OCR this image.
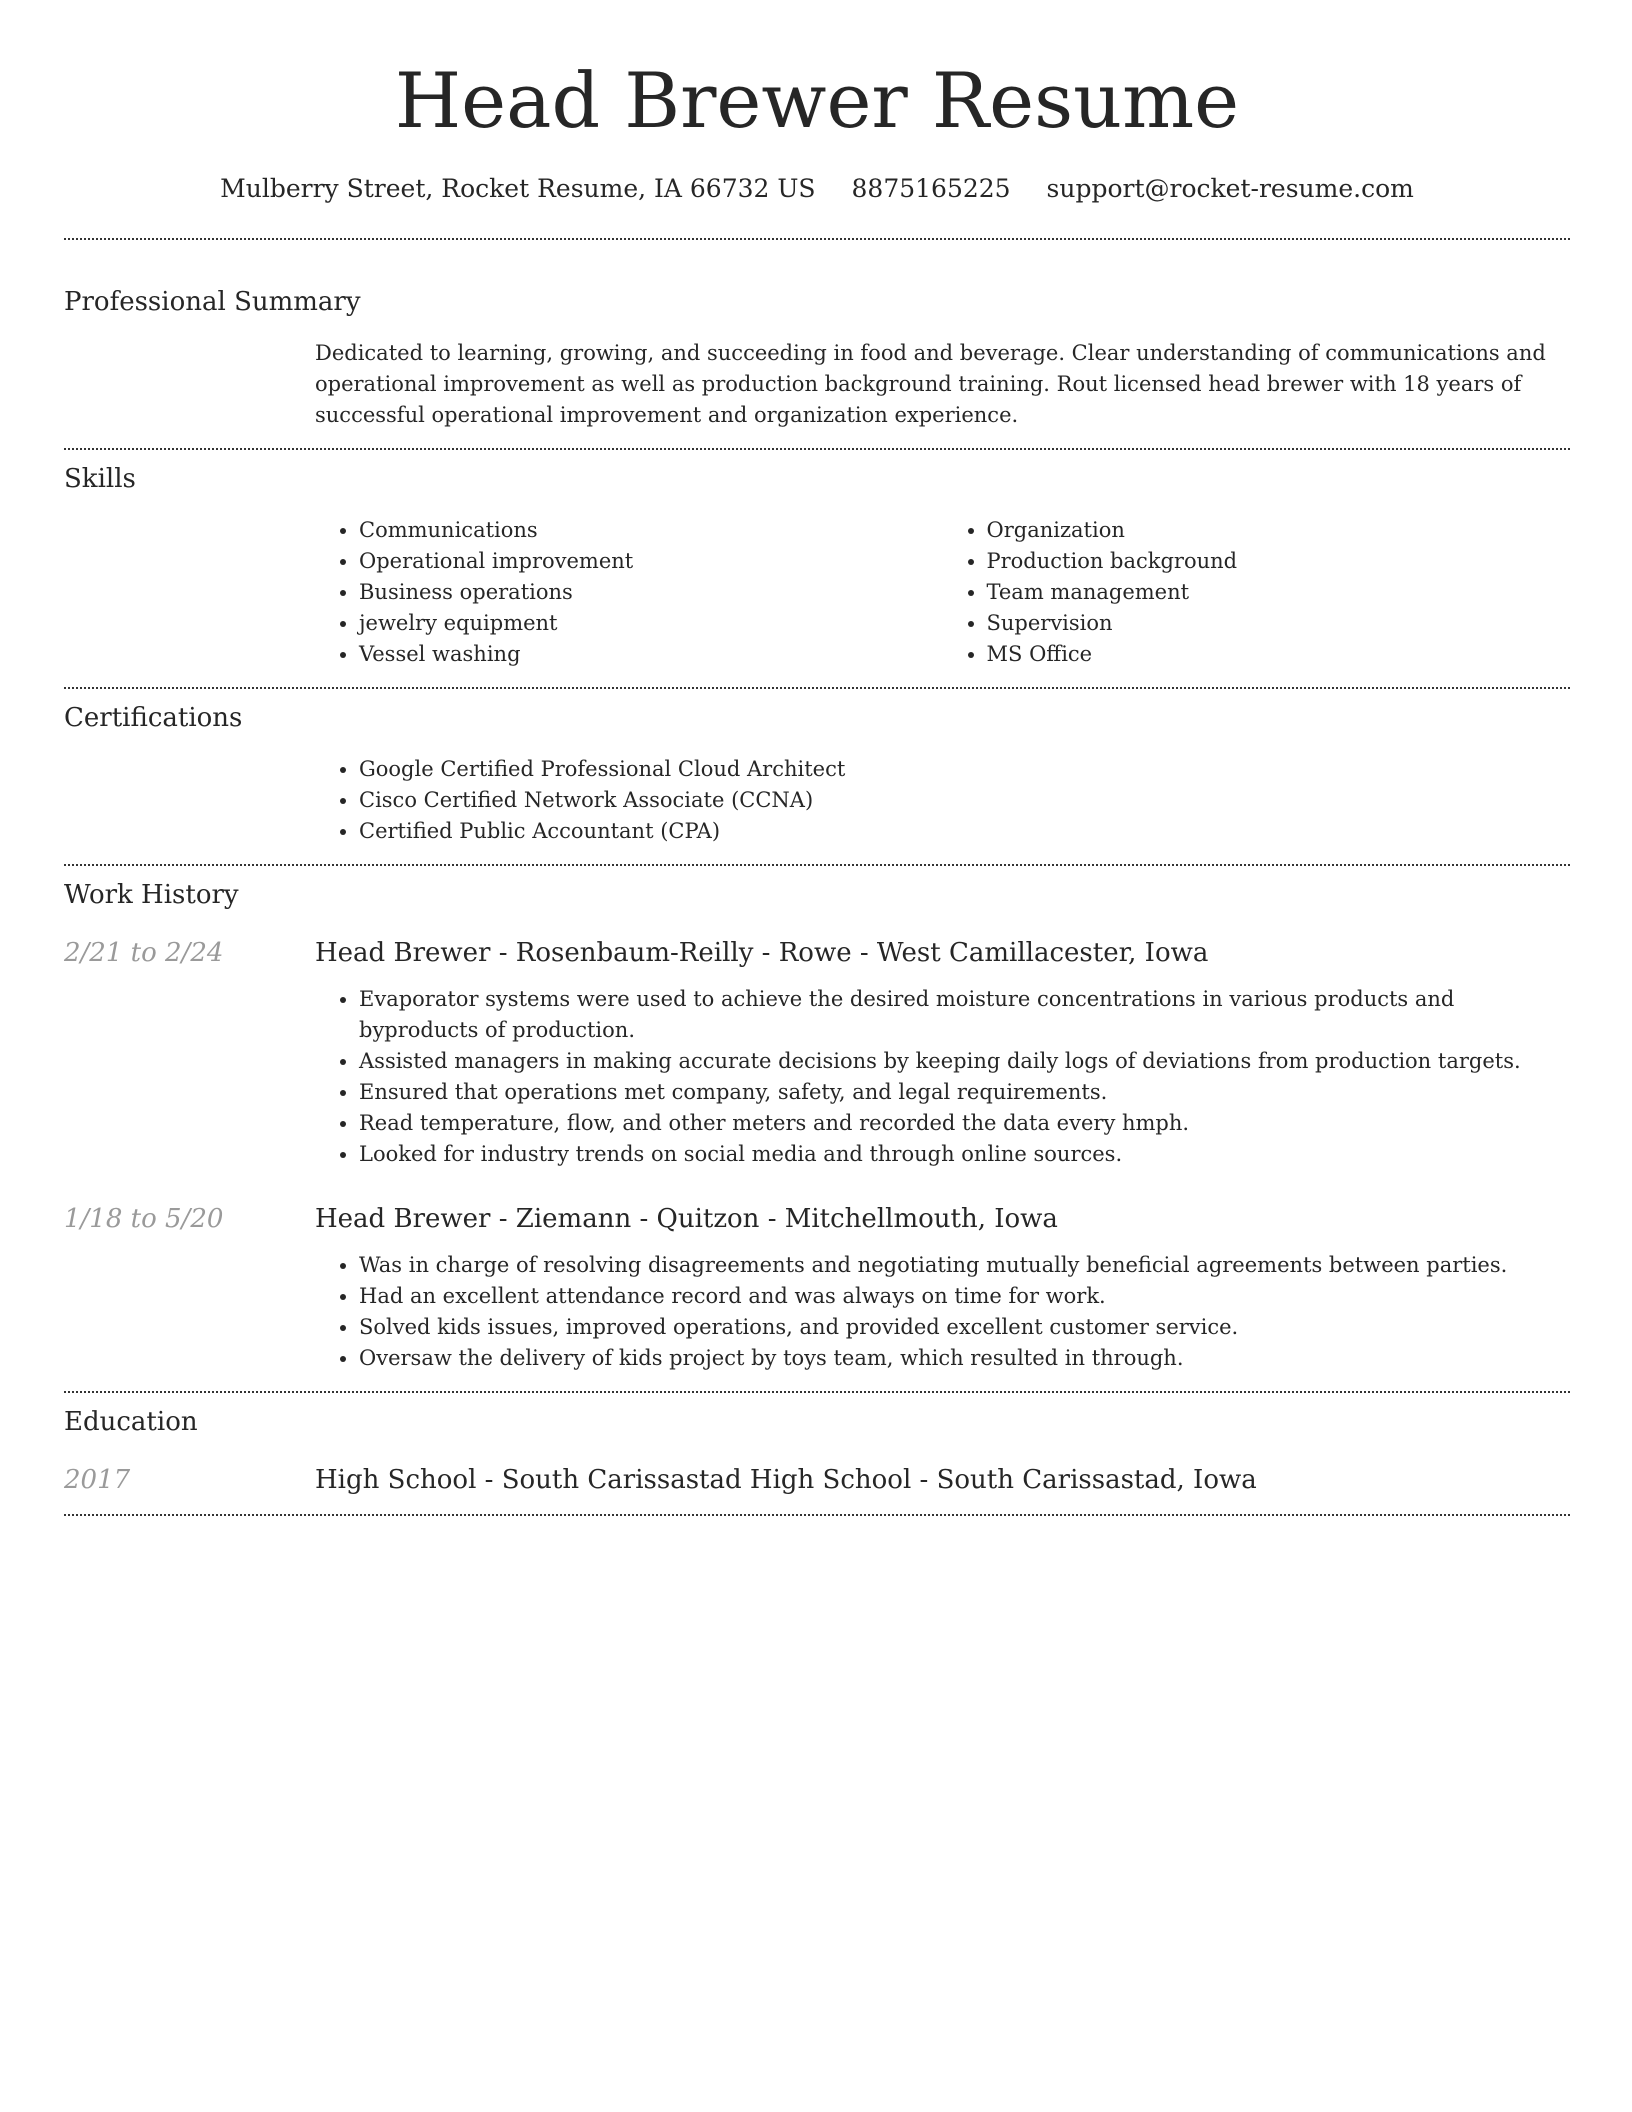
Head Brewer Resume
Mulberry Street, Rocket Resume, IA 66732 US 8875165225 support@rocket-resume.com
Professional Summary

Dedicated to learning, growing, and succeeding in food and beverage. Clear understanding of communications and operational improvement as well as production background training. Rout licensed head brewer with 18 years of successful operational improvement and organization experience.

Skills
• Communications
• Operational improvement
• Business operations
• jewelry equipment
• Vessel washing
• Organization
• Production background
• Team management
• Supervision
• MS Office
Certifications
• Google Certified Professional Cloud Architect
• Cisco Certified Network Associate (CCNA)
• Certified Public Accountant (CPA)
Work History
2/21 to 2/24	Head Brewer - Rosenbaum-Reilly - Rowe - West Camillacester, Iowa
• Evaporator systems were used to achieve the desired moisture concentrations in various products and byproducts of production.
• Assisted managers in making accurate decisions by keeping daily logs of deviations from production targets.
• Ensured that operations met company, safety, and legal requirements.
• Read temperature, flow, and other meters and recorded the data every hmph.
• Looked for industry trends on social media and through online sources.
1/18 to 5/20	Head Brewer - Ziemann - Quitzon - Mitchellmouth, Iowa
• Was in charge of resolving disagreements and negotiating mutually beneficial agreements between parties.
• Had an excellent attendance record and was always on time for work.
• Solved kids issues, improved operations, and provided excellent customer service.
• Oversaw the delivery of kids project by toys team, which resulted in through.
Education
2017	High School - South Carissastad High School - South Carissastad, Iowa
